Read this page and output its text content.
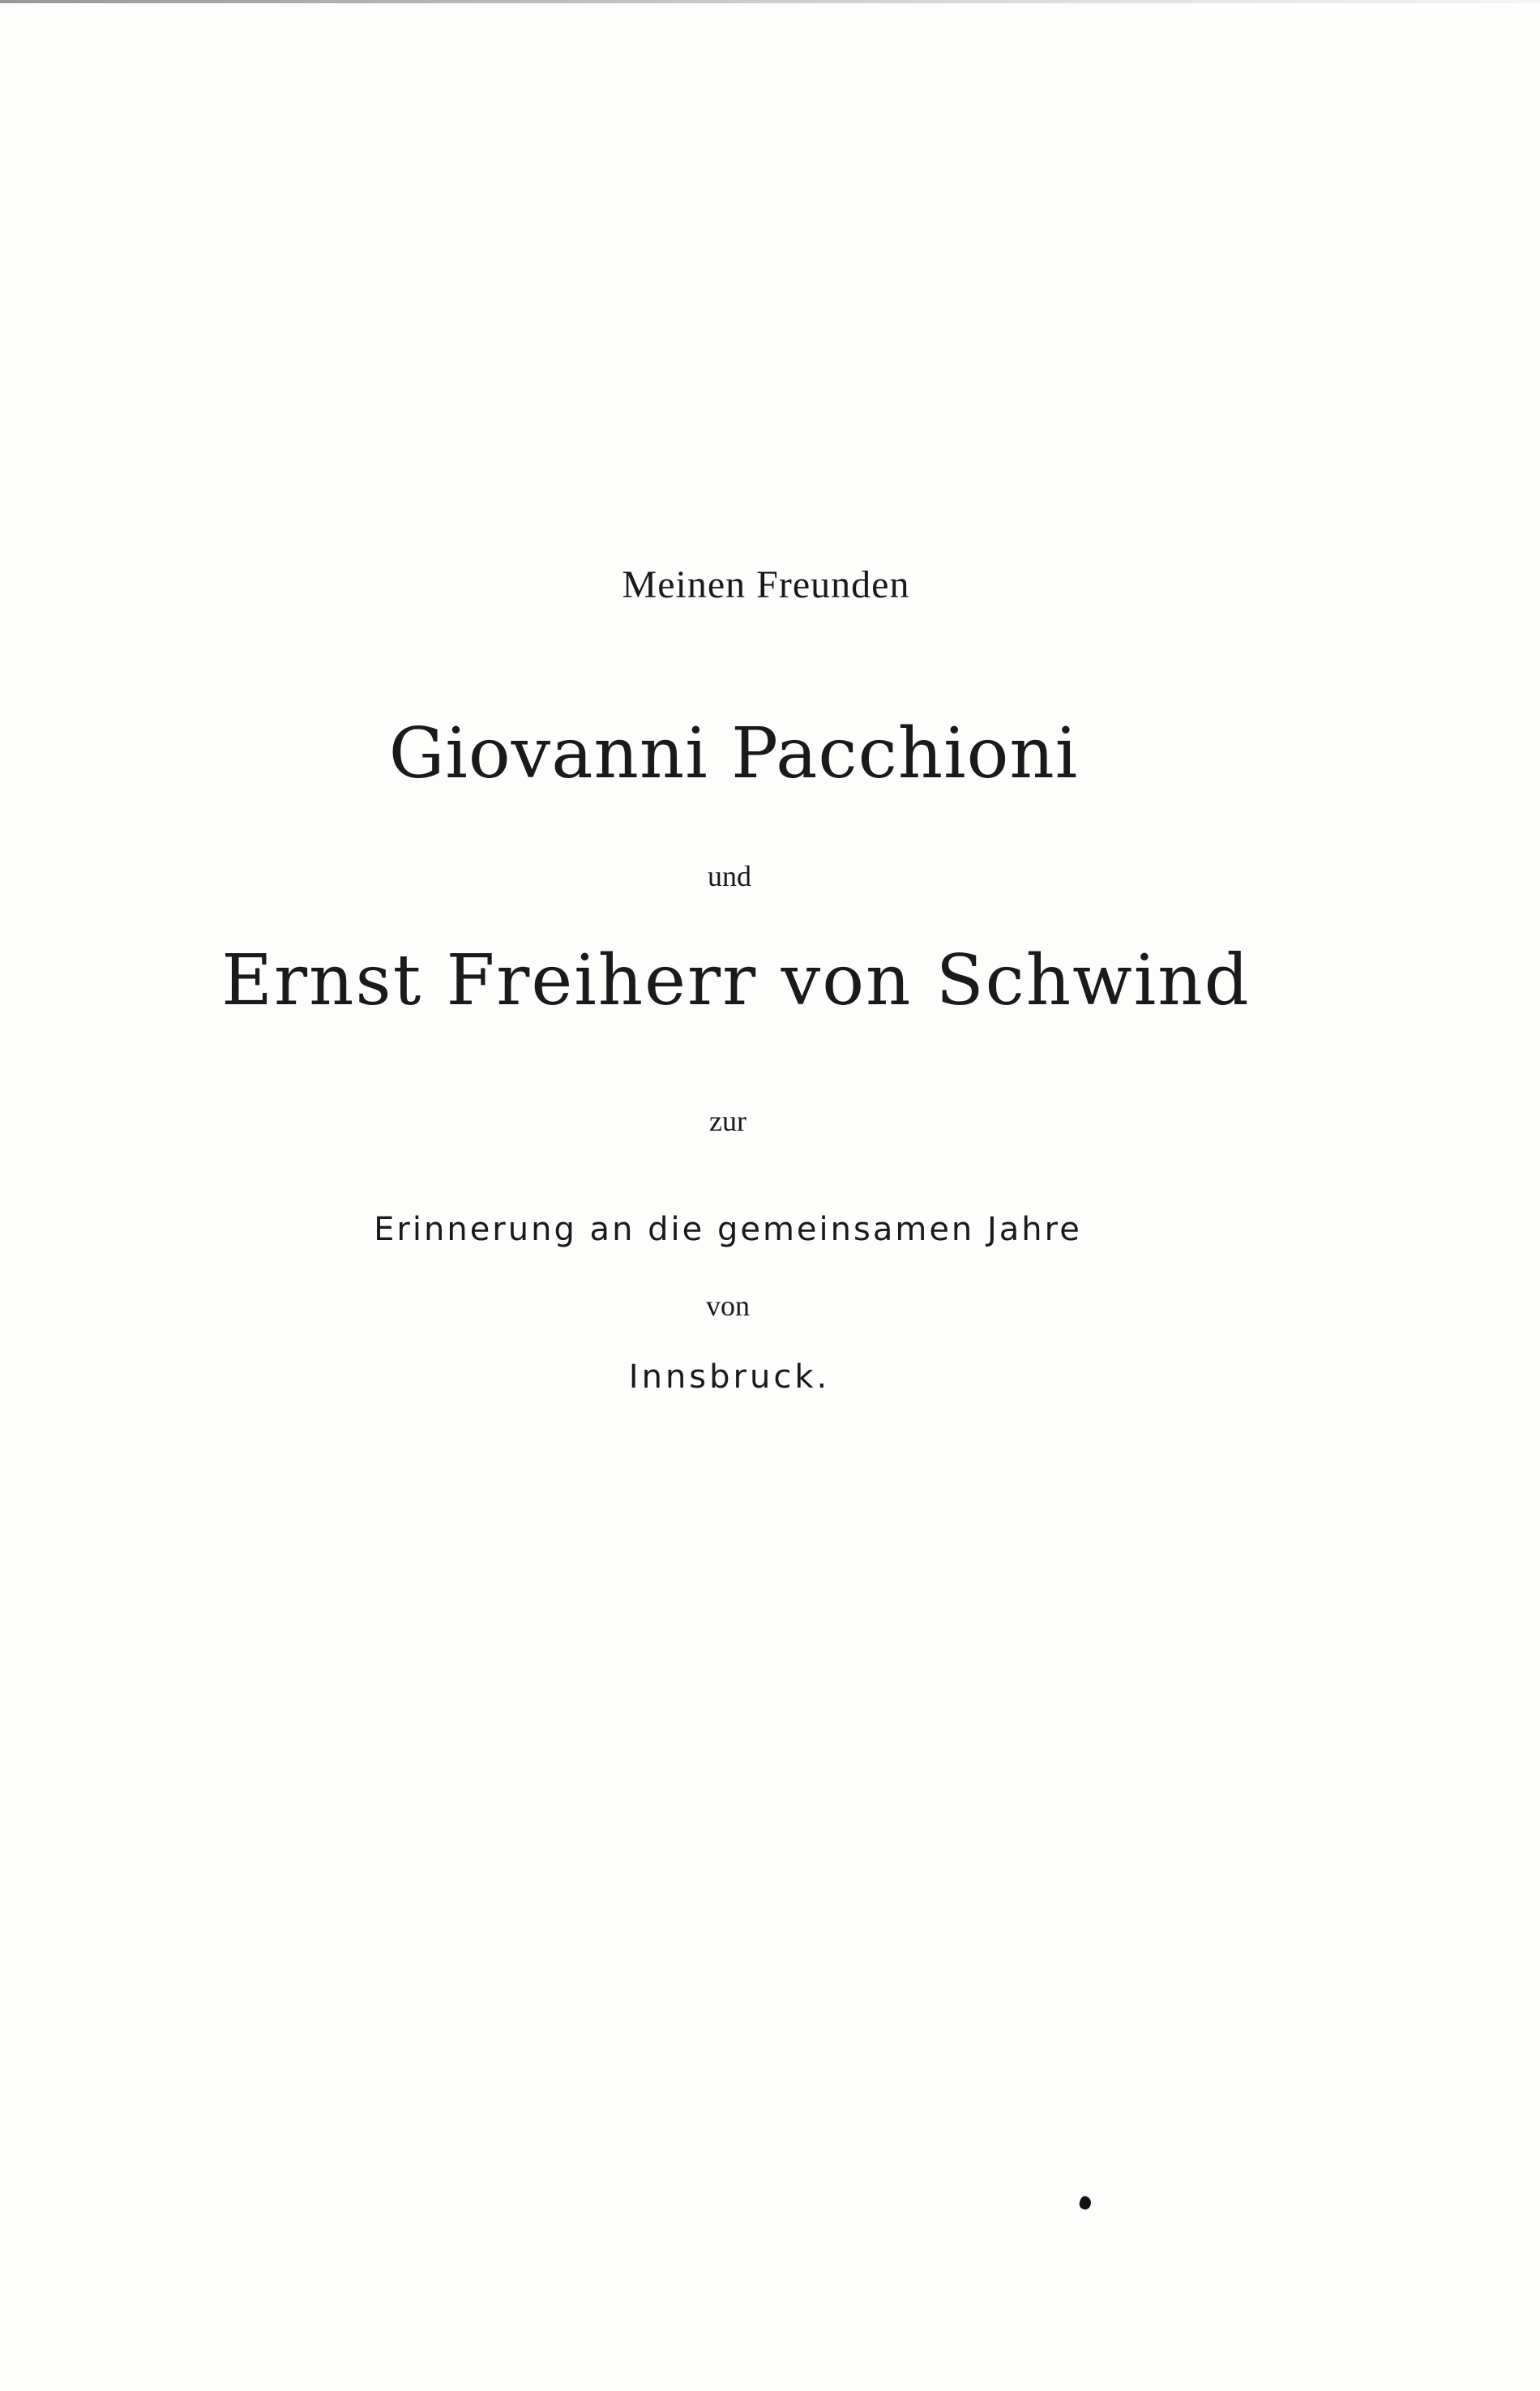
Meinen Freunden
Giovanni Pacchioni
und
Ernst Freiherr von Schwind
zur
Erinnerung an die gemeinsamen Jahre
von
Innsbruck.
